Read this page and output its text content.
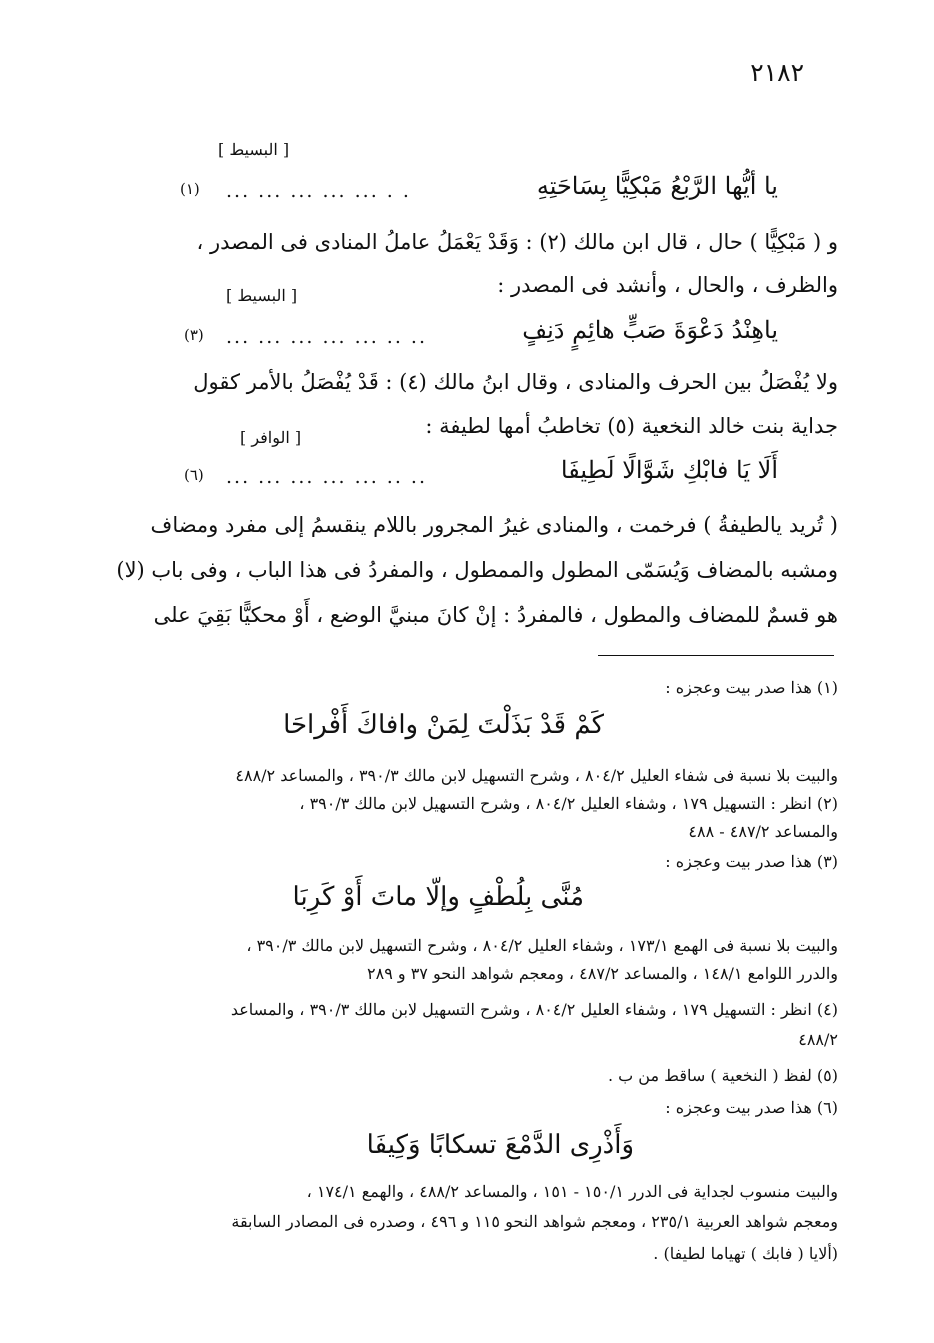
٢١٨٢
[ البسيط ]
يا أيُّها الرَّبْعُ مَبْكِيًّا بِسَاحَتِهِ
... ... ... ... ... . .
(١)
و ( مَبْكِيًّا ) حال ، قال ابن مالك (٢) : وَقَدْ يَعْمَلُ عاملُ المنادى فى المصدر ،
والظرف ، والحال ، وأنشد فى المصدر :
[ البسيط ]
ياهِنْدُ دَعْوَةَ صَبٍّ هائِمٍ دَنِفٍ
... ... ... ... ... .. ..
(٣)
ولا يُفْصَلُ بين الحرف والمنادى ، وقال ابنُ مالك (٤) : قَدْ يُفْصَلُ بالأمر كقول
جداية بنت خالد النخعية (٥) تخاطبُ أمها لطيفة :
[ الوافر ]
أَلَا يَا فابْكِ شَوَّالًا لَطِيفَا
... ... ... ... ... .. ..
(٦)
( تُريد يالطيفةُ ) فرخمت ، والمنادى غيرُ المجرور باللام ينقسمُ إلى مفرد ومضاف
ومشبه بالمضاف وَيُسَمّى المطول والممطول ، والمفردُ فى هذا الباب ، وفى باب (لا)
هو قسمٌ للمضاف والمطول ، فالمفردُ : إنْ كانَ مبنيَّ الوضع ، أَوْ محكيًّا بَقِيَ على
(١) هذا صدر بيت وعجزه :
كَمْ قَدْ بَذَلْتَ لِمَنْ وافاكَ أَفْراحَا
والبيت بلا نسبة فى شفاء العليل ٨٠٤/٢ ، وشرح التسهيل لابن مالك ٣٩٠/٣ ، والمساعد ٤٨٨/٢
(٢) انظر : التسهيل ١٧٩ ، وشفاء العليل ٨٠٤/٢ ، وشرح التسهيل لابن مالك ٣٩٠/٣ ،
والمساعد ٤٨٧/٢ - ٤٨٨
(٣) هذا صدر بيت وعجزه :
مُنَّى بِلُطْفٍ وإلّا ماتَ أَوْ كَرِبَا
والبيت بلا نسبة فى الهمع ١٧٣/١ ، وشفاء العليل ٨٠٤/٢ ، وشرح التسهيل لابن مالك ٣٩٠/٣ ،
والدرر اللوامع ١٤٨/١ ، والمساعد ٤٨٧/٢ ، ومعجم شواهد النحو ٣٧ و ٢٨٩
(٤) انظر : التسهيل ١٧٩ ، وشفاء العليل ٨٠٤/٢ ، وشرح التسهيل لابن مالك ٣٩٠/٣ ، والمساعد
٤٨٨/٢
(٥) لفظ ( النخعية ) ساقط من ب .
(٦) هذا صدر بيت وعجزه :
وَأَذْرِى الدَّمْعَ تسكابًا وَكِيفَا
والبيت منسوب لجداية فى الدرر ١٥٠/١ - ١٥١ ، والمساعد ٤٨٨/٢ ، والهمع ١٧٤/١ ،
ومعجم شواهد العربية ٢٣٥/١ ، ومعجم شواهد النحو ١١٥ و ٤٩٦ ، وصدره فى المصادر السابقة
(ألايا ( فابك ) تهياما لطيفا) .
